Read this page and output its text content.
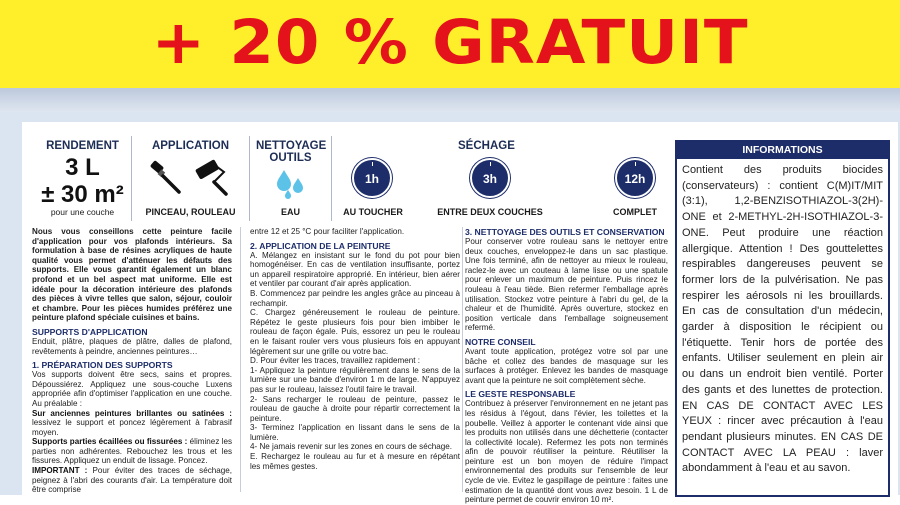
+ 20 % GRATUIT
RENDEMENT
3 L
± 30 m²
pour une couche
APPLICATION
PINCEAU, ROULEAU
NETTOYAGE OUTILS
EAU
SÉCHAGE
1h
AU TOUCHER
3h
ENTRE DEUX COUCHES
12h
COMPLET
INFORMATIONS
Contient des produits biocides (conservateurs) : contient C(M)IT/MIT (3:1), 1,2-BENZISOTHIAZOL-3(2H)-ONE et 2-METHYL-2H-ISOTHIAZOL-3-ONE. Peut produire une réaction allergique. Attention ! Des gouttelettes respirables dangereuses peuvent se former lors de la pulvérisation. Ne pas respirer les aérosols ni les brouillards. En cas de consultation d'un médecin, garder à disposition le récipient ou l'étiquette. Tenir hors de portée des enfants. Utiliser seulement en plein air ou dans un endroit bien ventilé. Porter des gants et des lunettes de protection. EN CAS DE CONTACT AVEC LES YEUX : rincer avec précaution à l'eau pendant plusieurs minutes. EN CAS DE CONTACT AVEC LA PEAU : laver abondamment à l'eau et au savon.

Nous vous conseillons cette peinture facile d'application pour vos plafonds intérieurs. Sa formulation à base de résines acryliques de haute qualité vous permet d'atténuer les défauts des supports. Elle vous garantit également un blanc profond et un bel aspect mat uniforme. Elle est idéale pour la décoration intérieure des plafonds des pièces à vivre telles que salon, séjour, couloir et chambre. Pour les pièces humides préférez une peinture plafond spéciale cuisines et bains.

SUPPORTS D'APPLICATION

Enduit, plâtre, plaques de plâtre, dalles de plafond, revêtements à peindre, anciennes peintures…

1. PRÉPARATION DES SUPPORTS

Vos supports doivent être secs, sains et propres. Dépoussiérez. Appliquez une sous-couche Luxens appropriée afin d'optimiser l'application en une couche. Au préalable :

Sur anciennes peintures brillantes ou satinées : lessivez le support et poncez légèrement à l'abrasif moyen.

Supports parties écaillées ou fissurées : éliminez les parties non adhérentes. Rebouchez les trous et les fissures. Appliquez un enduit de lissage. Poncez.

IMPORTANT : Pour éviter des traces de séchage, peignez à l'abri des courants d'air. La température doit être comprise

entre 12 et 25 °C pour faciliter l'application.

2. APPLICATION DE LA PEINTURE

A. Mélangez en insistant sur le fond du pot pour bien homogénéiser. En cas de ventilation insuffisante, portez un appareil respiratoire approprié. En intérieur, bien aérer et ventiler par courant d'air après application.

B. Commencez par peindre les angles grâce au pinceau à rechampir.

C. Chargez généreusement le rouleau de peinture. Répétez le geste plusieurs fois pour bien imbiber le rouleau de façon égale. Puis, essorez un peu le rouleau en le faisant rouler vers vous plusieurs fois en appuyant légèrement sur une grille ou votre bac.

D. Pour éviter les traces, travaillez rapidement :

1- Appliquez la peinture régulièrement dans le sens de la lumière sur une bande d'environ 1 m de large. N'appuyez pas sur le rouleau, laissez l'outil faire le travail.

2- Sans recharger le rouleau de peinture, passez le rouleau de gauche à droite pour répartir correctement la peinture.

3- Terminez l'application en lissant dans le sens de la lumière.

4- Ne jamais revenir sur les zones en cours de séchage.

E. Rechargez le rouleau au fur et à mesure en répétant les mêmes gestes.

3. NETTOYAGE DES OUTILS ET CONSERVATION

Pour conserver votre rouleau sans le nettoyer entre deux couches, enveloppez-le dans un sac plastique. Une fois terminé, afin de nettoyer au mieux le rouleau, raclez-le avec un couteau à lame lisse ou une spatule pour enlever un maximum de peinture. Puis rincez le rouleau à l'eau tiède. Bien refermer l'emballage après utilisation. Stockez votre peinture à l'abri du gel, de la chaleur et de l'humidité. Après ouverture, stockez en position verticale dans l'emballage soigneusement refermé.

NOTRE CONSEIL

Avant toute application, protégez votre sol par une bâche et collez des bandes de masquage sur les surfaces à protéger. Enlevez les bandes de masquage avant que la peinture ne soit complètement sèche.

LE GESTE RESPONSABLE

Contribuez à préserver l'environnement en ne jetant pas les résidus à l'égout, dans l'évier, les toilettes et la poubelle. Veillez à apporter le contenant vide ainsi que les produits non utilisés dans une déchetterie (contacter la collectivité locale). Refermez les pots non terminés afin de pouvoir réutiliser la peinture. Réutiliser la peinture est un bon moyen de réduire l'impact environnemental des produits sur l'ensemble de leur cycle de vie. Evitez le gaspillage de peinture : faites une estimation de la quantité dont vous avez besoin. 1 L de peinture permet de couvrir environ 10 m².
